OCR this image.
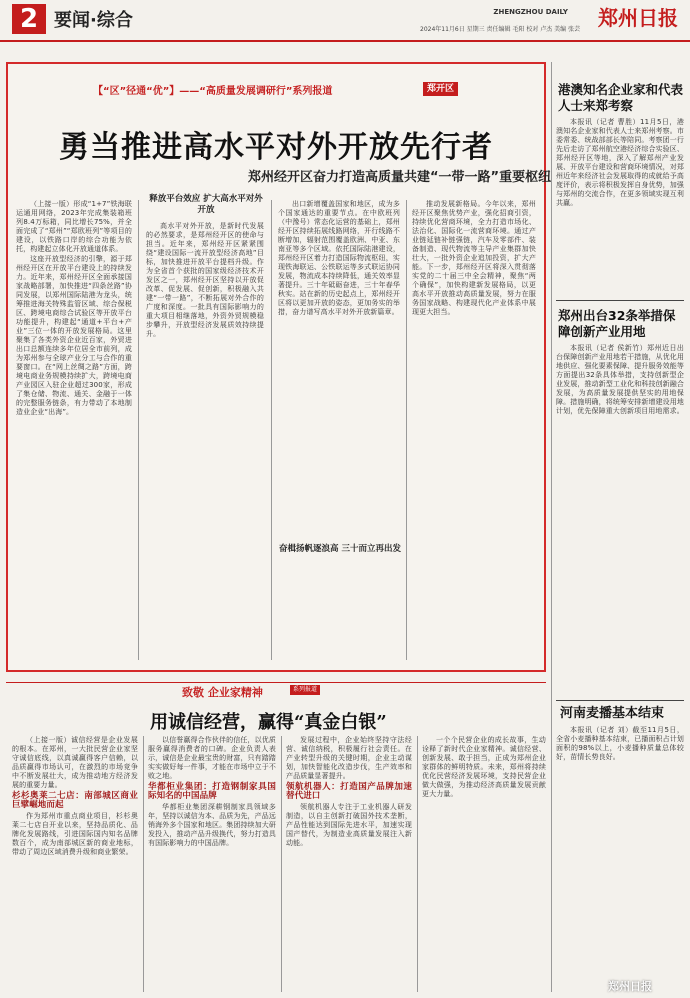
2 要闻·综合	ZHENGZHOU DAILY 郑州日报
2024年11月6日 星期三 责任编辑 毛阳 校对 卢杰 美编 张芸
【“区”径通“优”】——“高质量发展调研行”系列报道	郑开区
勇当推进高水平对外开放先行者
郑州经开区奋力打造高质量共建“一带一路”重要枢纽

（上接一版）形成“1+7”铁海联运通用网络，2023年完成集装箱班列8.4万标箱，同比增长75%，并全面完成了“郑州”“郑欧班列”等项目的建设，以铁路口岸的综合功能为依托，构建起立体化开放通道体系。

这座开放型经济的引擎，源于郑州经开区在开放平台建设上的持续发力。近年来，郑州经开区全面承接国家战略部署，加快推进“四条丝路”协同发展，以郑州国际陆港为龙头，统筹推进海关特殊监管区域、综合保税区、跨境电商综合试验区等开放平台功能提升，构建起“通道+平台+产业”三位一体的开放发展格局。这里聚集了各类外资企业近百家，外贸进出口总额连续多年位居全市前列，成为郑州参与全球产业分工与合作的重要窗口。在“网上丝绸之路”方面，跨境电商业务规模持续扩大，跨境电商产业园区入驻企业超过300家，形成了集仓储、物流、通关、金融于一体的完整服务链条，有力带动了本地制造业企业“出海”。

释放平台效应 扩大高水平对外开放

高水平对外开放，是新时代发展的必然要求，是郑州经开区的使命与担当。近年来，郑州经开区紧紧围绕“建设国际一流开放型经济高地”目标，加快推进开放平台提档升级。作为全省首个获批的国家级经济技术开发区之一，郑州经开区坚持以开放促改革、促发展、促创新，积极融入共建“一带一路”，不断拓展对外合作的广度和深度。一批具有国际影响力的重大项目相继落地，外资外贸规模稳步攀升，开放型经济发展质效持续提升。

出口新增覆盖国家和地区，成为多个国家通达的重要节点。在中欧班列（中豫号）常态化运营的基础上，郑州经开区持续拓展线路网络，开行线路不断增加，辐射范围覆盖欧洲、中亚、东南亚等多个区域。依托国际陆港建设，郑州经开区着力打造国际物流枢纽，实现铁海联运、公铁联运等多式联运协同发展，物流成本持续降低，通关效率显著提升。三十年砥砺奋进，三十年春华秋实。站在新的历史起点上，郑州经开区将以更加开放的姿态，更加务实的举措，奋力谱写高水平对外开放新篇章。

奋楫扬帆逐浪高 三十而立再出发

推动发展新格局。今年以来，郑州经开区聚焦优势产业，强化招商引资，持续优化营商环境，全力打造市场化、法治化、国际化一流营商环境。通过产业链延链补链强链，汽车及零部件、装备制造、现代物流等主导产业集群加快壮大，一批外资企业追加投资，扩大产能。下一步，郑州经开区将深入贯彻落实党的二十届三中全会精神，聚焦“两个确保”，加快构建新发展格局，以更高水平开放推动高质量发展，努力在服务国家战略、构建现代化产业体系中展现更大担当。

港澳知名企业家和代表人士来郑考察

本报讯（记者 曹胜）11月5日，港澳知名企业家和代表人士来郑州考察。市委常委、统战部部长等陪同。考察团一行先后走访了郑州航空港经济综合实验区、郑州经开区等地，深入了解郑州产业发展、开放平台建设和营商环境情况，对郑州近年来经济社会发展取得的成就给予高度评价，表示将积极发挥自身优势，加强与郑州的交流合作，在更多领域实现互利共赢。

郑州出台32条举措保障创新产业用地

本报讯（记者 侯新竹）郑州近日出台保障创新产业用地若干措施，从优化用地供应、强化要素保障、提升服务效能等方面提出32条具体举措，支持创新型企业发展，推动新型工业化和科技创新融合发展，为高质量发展提供坚实的用地保障。措施明确，将统筹安排新增建设用地计划，优先保障重大创新项目用地需求。

河南麦播基本结束

本报讯（记者 刘）截至11月5日，全省小麦播种基本结束，已播面积占计划面积的98%以上，小麦播种质量总体较好，苗情长势良好。

致敬 企业家精神	系列报道
用诚信经营，赢得“真金白银”

（上接一版）诚信经营是企业发展的根本。在郑州，一大批民营企业家坚守诚信底线，以真诚赢得客户信赖，以品质赢得市场认可，在激烈的市场竞争中不断发展壮大，成为推动地方经济发展的重要力量。

杉杉奥莱二七店：南部城区商业巨擘崛地而起

作为郑州市重点商业项目，杉杉奥莱二七店自开业以来，坚持品质化、品牌化发展路线，引进国际国内知名品牌数百个，成为南部城区新的商业地标，带动了周边区域消费升级和商业繁荣。

以信誉赢得合作伙伴的信任，以优质服务赢得消费者的口碑。企业负责人表示，诚信是企业最宝贵的财富，只有踏踏实实做好每一件事，才能在市场中立于不败之地。

华都柜业集团：打造钢制家具国际知名的中国品牌

华都柜业集团深耕钢制家具领域多年，坚持以诚信为本、品质为先，产品远销海外多个国家和地区。集团持续加大研发投入，推动产品升级换代，努力打造具有国际影响力的中国品牌。

发展过程中，企业始终坚持守法经营、诚信纳税，积极履行社会责任。在产业转型升级的关键时期，企业主动谋划，加快智能化改造步伐，生产效率和产品质量显著提升。

领航机器人：打造国产品牌加速替代进口

领航机器人专注于工业机器人研发制造，以自主创新打破国外技术垄断，产品性能达到国际先进水平，加速实现国产替代，为制造业高质量发展注入新动能。

一个个民营企业的成长故事，生动诠释了新时代企业家精神。诚信经营、创新发展、敢于担当，正成为郑州企业家群体的鲜明特质。未来，郑州将持续优化民营经济发展环境，支持民营企业做大做强，为推动经济高质量发展贡献更大力量。

郑州日报
